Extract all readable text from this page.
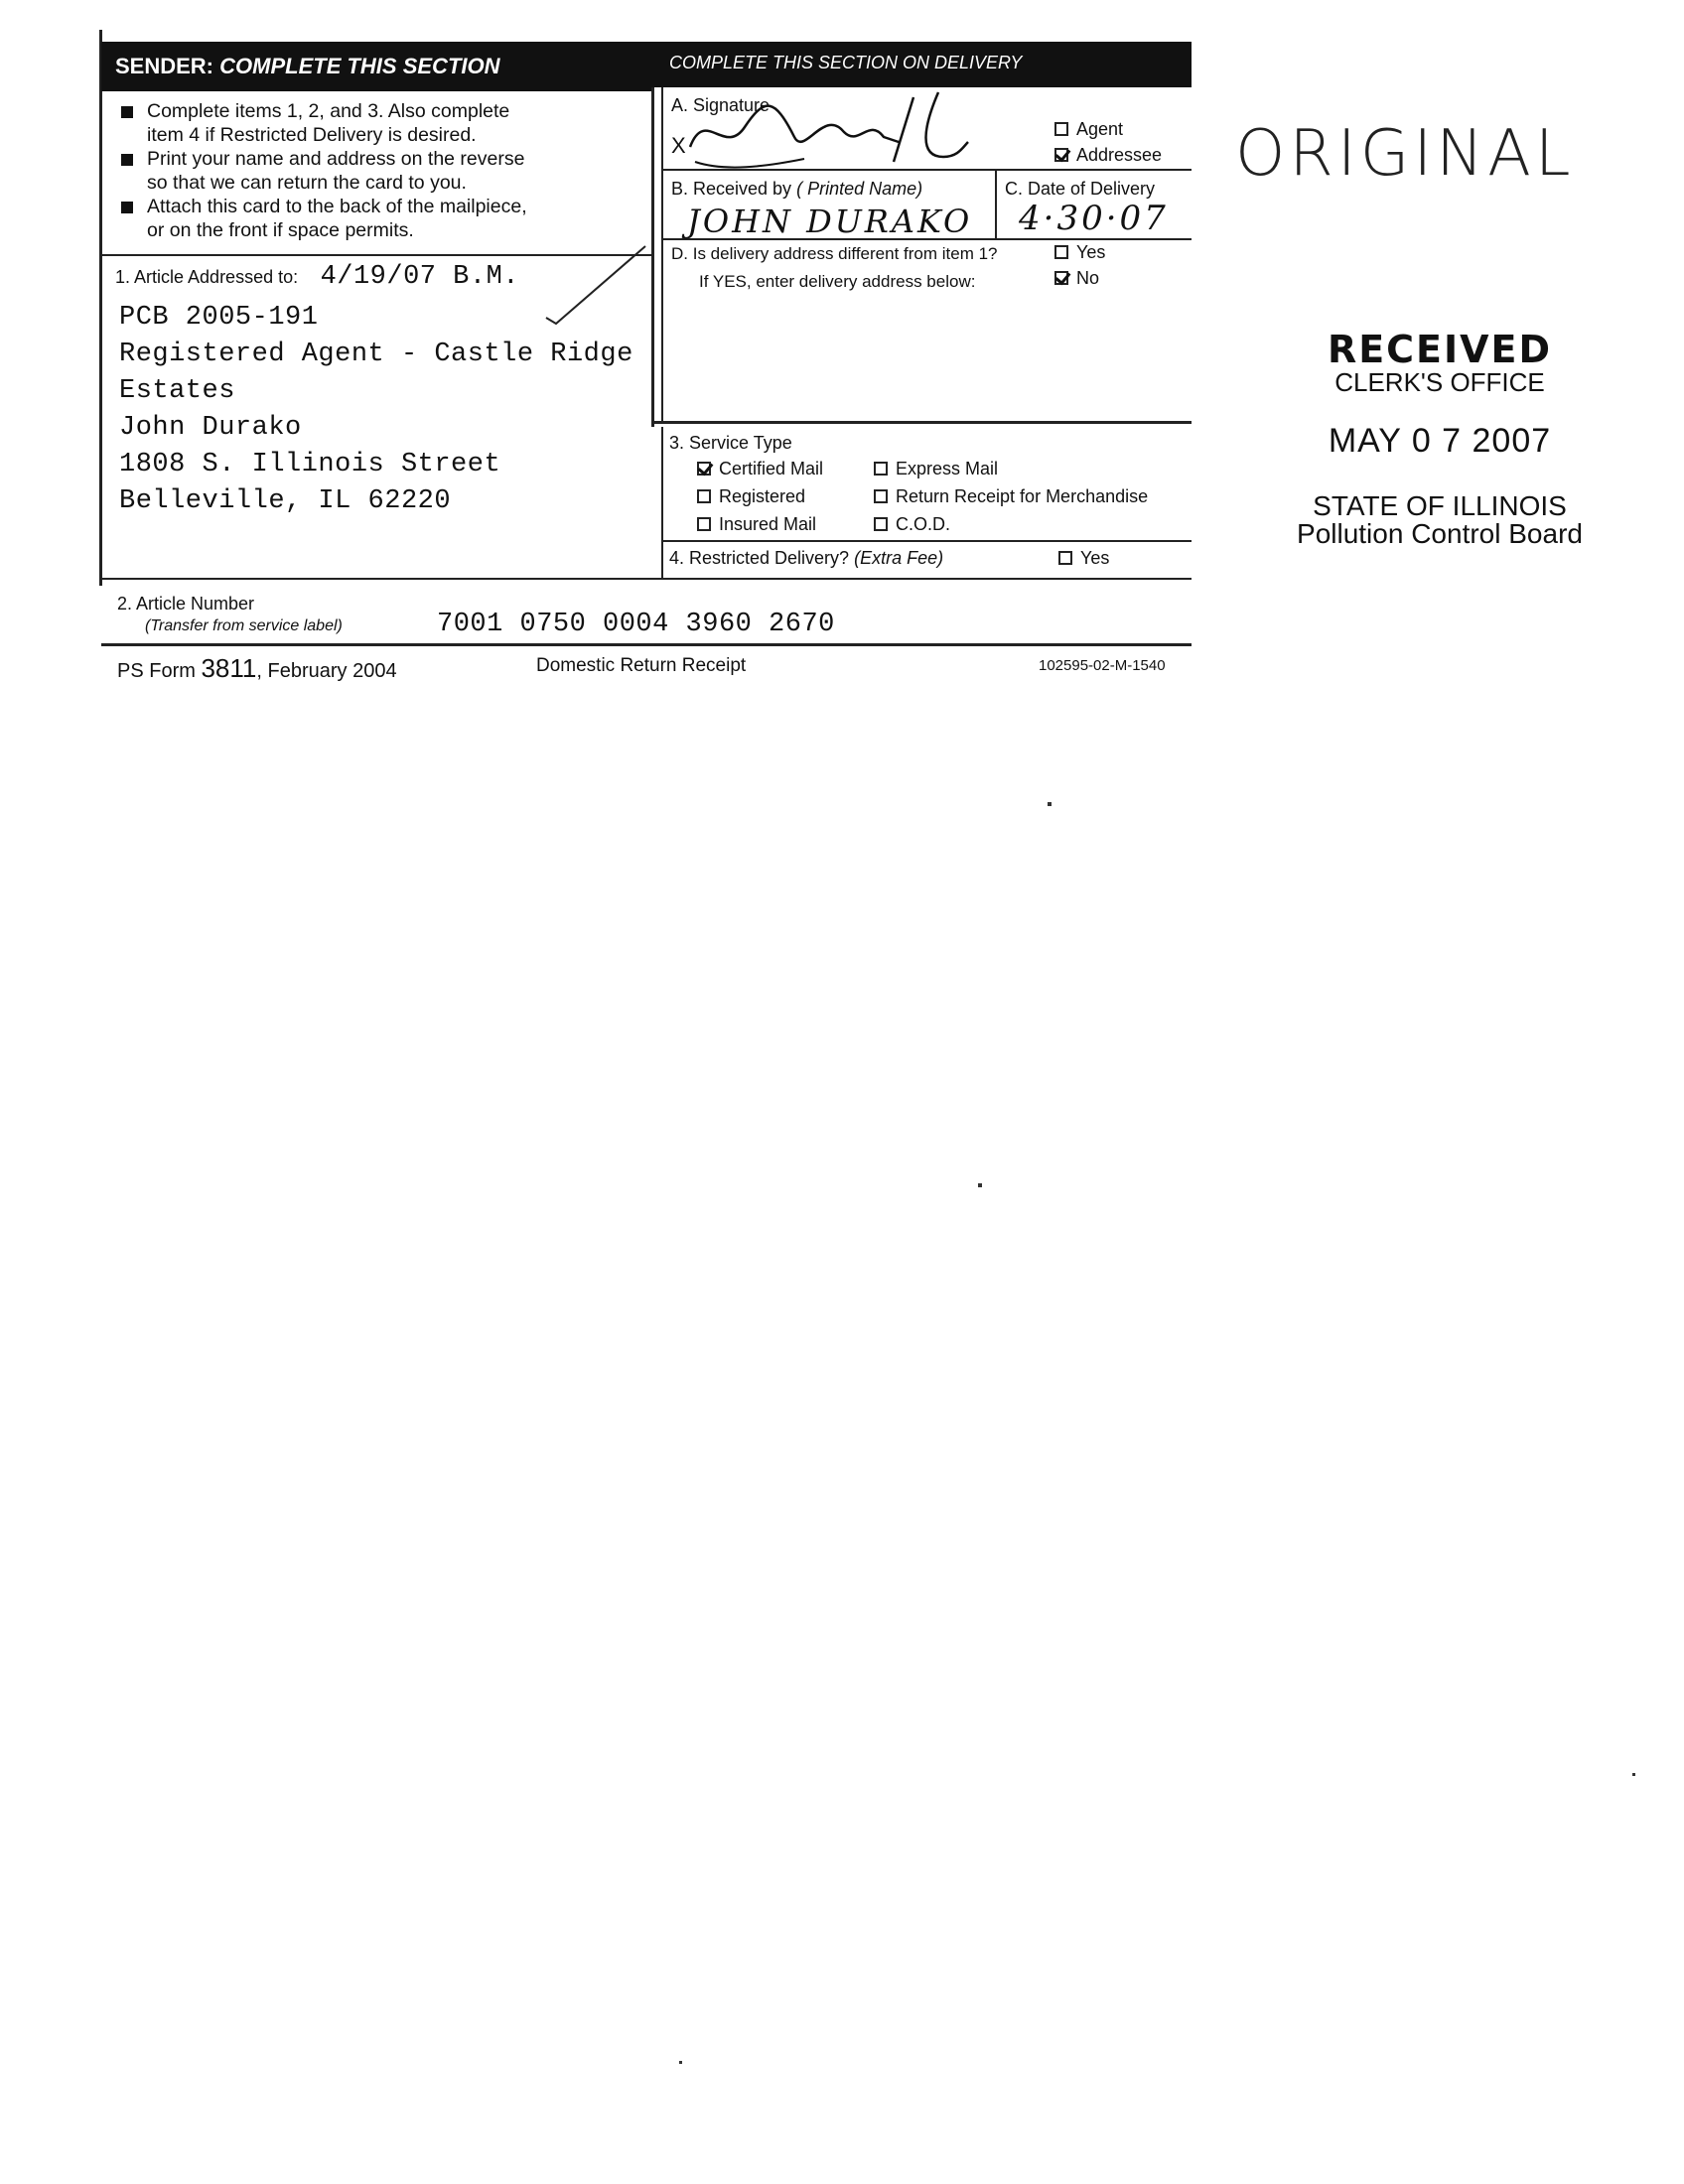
SENDER: COMPLETE THIS SECTION
Complete items 1, 2, and 3. Also complete
item 4 if Restricted Delivery is desired.
Print your name and address on the reverse
so that we can return the card to you.
Attach this card to the back of the mailpiece,
or on the front if space permits.
1. Article Addressed to: 4/19/07 B.M.
PCB 2005-191
Registered Agent - Castle Ridge
Estates
John Durako
1808 S. Illinois Street
Belleville, IL 62220
COMPLETE THIS SECTION ON DELIVERY
A. Signature
X
Agent
Addressee
B. Received by ( Printed Name)
JOHN DURAKO
C. Date of Delivery
4·30·07
D. Is delivery address different from item 1?	Yes
If YES, enter delivery address below:	No
3. Service Type
Certified Mail	Express Mail
Registered	Return Receipt for Merchandise
Insured Mail	C.O.D.
4. Restricted Delivery? (Extra Fee)	Yes
2. Article Number
(Transfer from service label)	7001 0750 0004 3960 2670
PS Form 3811, February 2004	Domestic Return Receipt	102595-02-M-1540
ORIGINAL
RECEIVED
CLERK'S OFFICE
MAY 0 7 2007
STATE OF ILLINOIS
Pollution Control Board
